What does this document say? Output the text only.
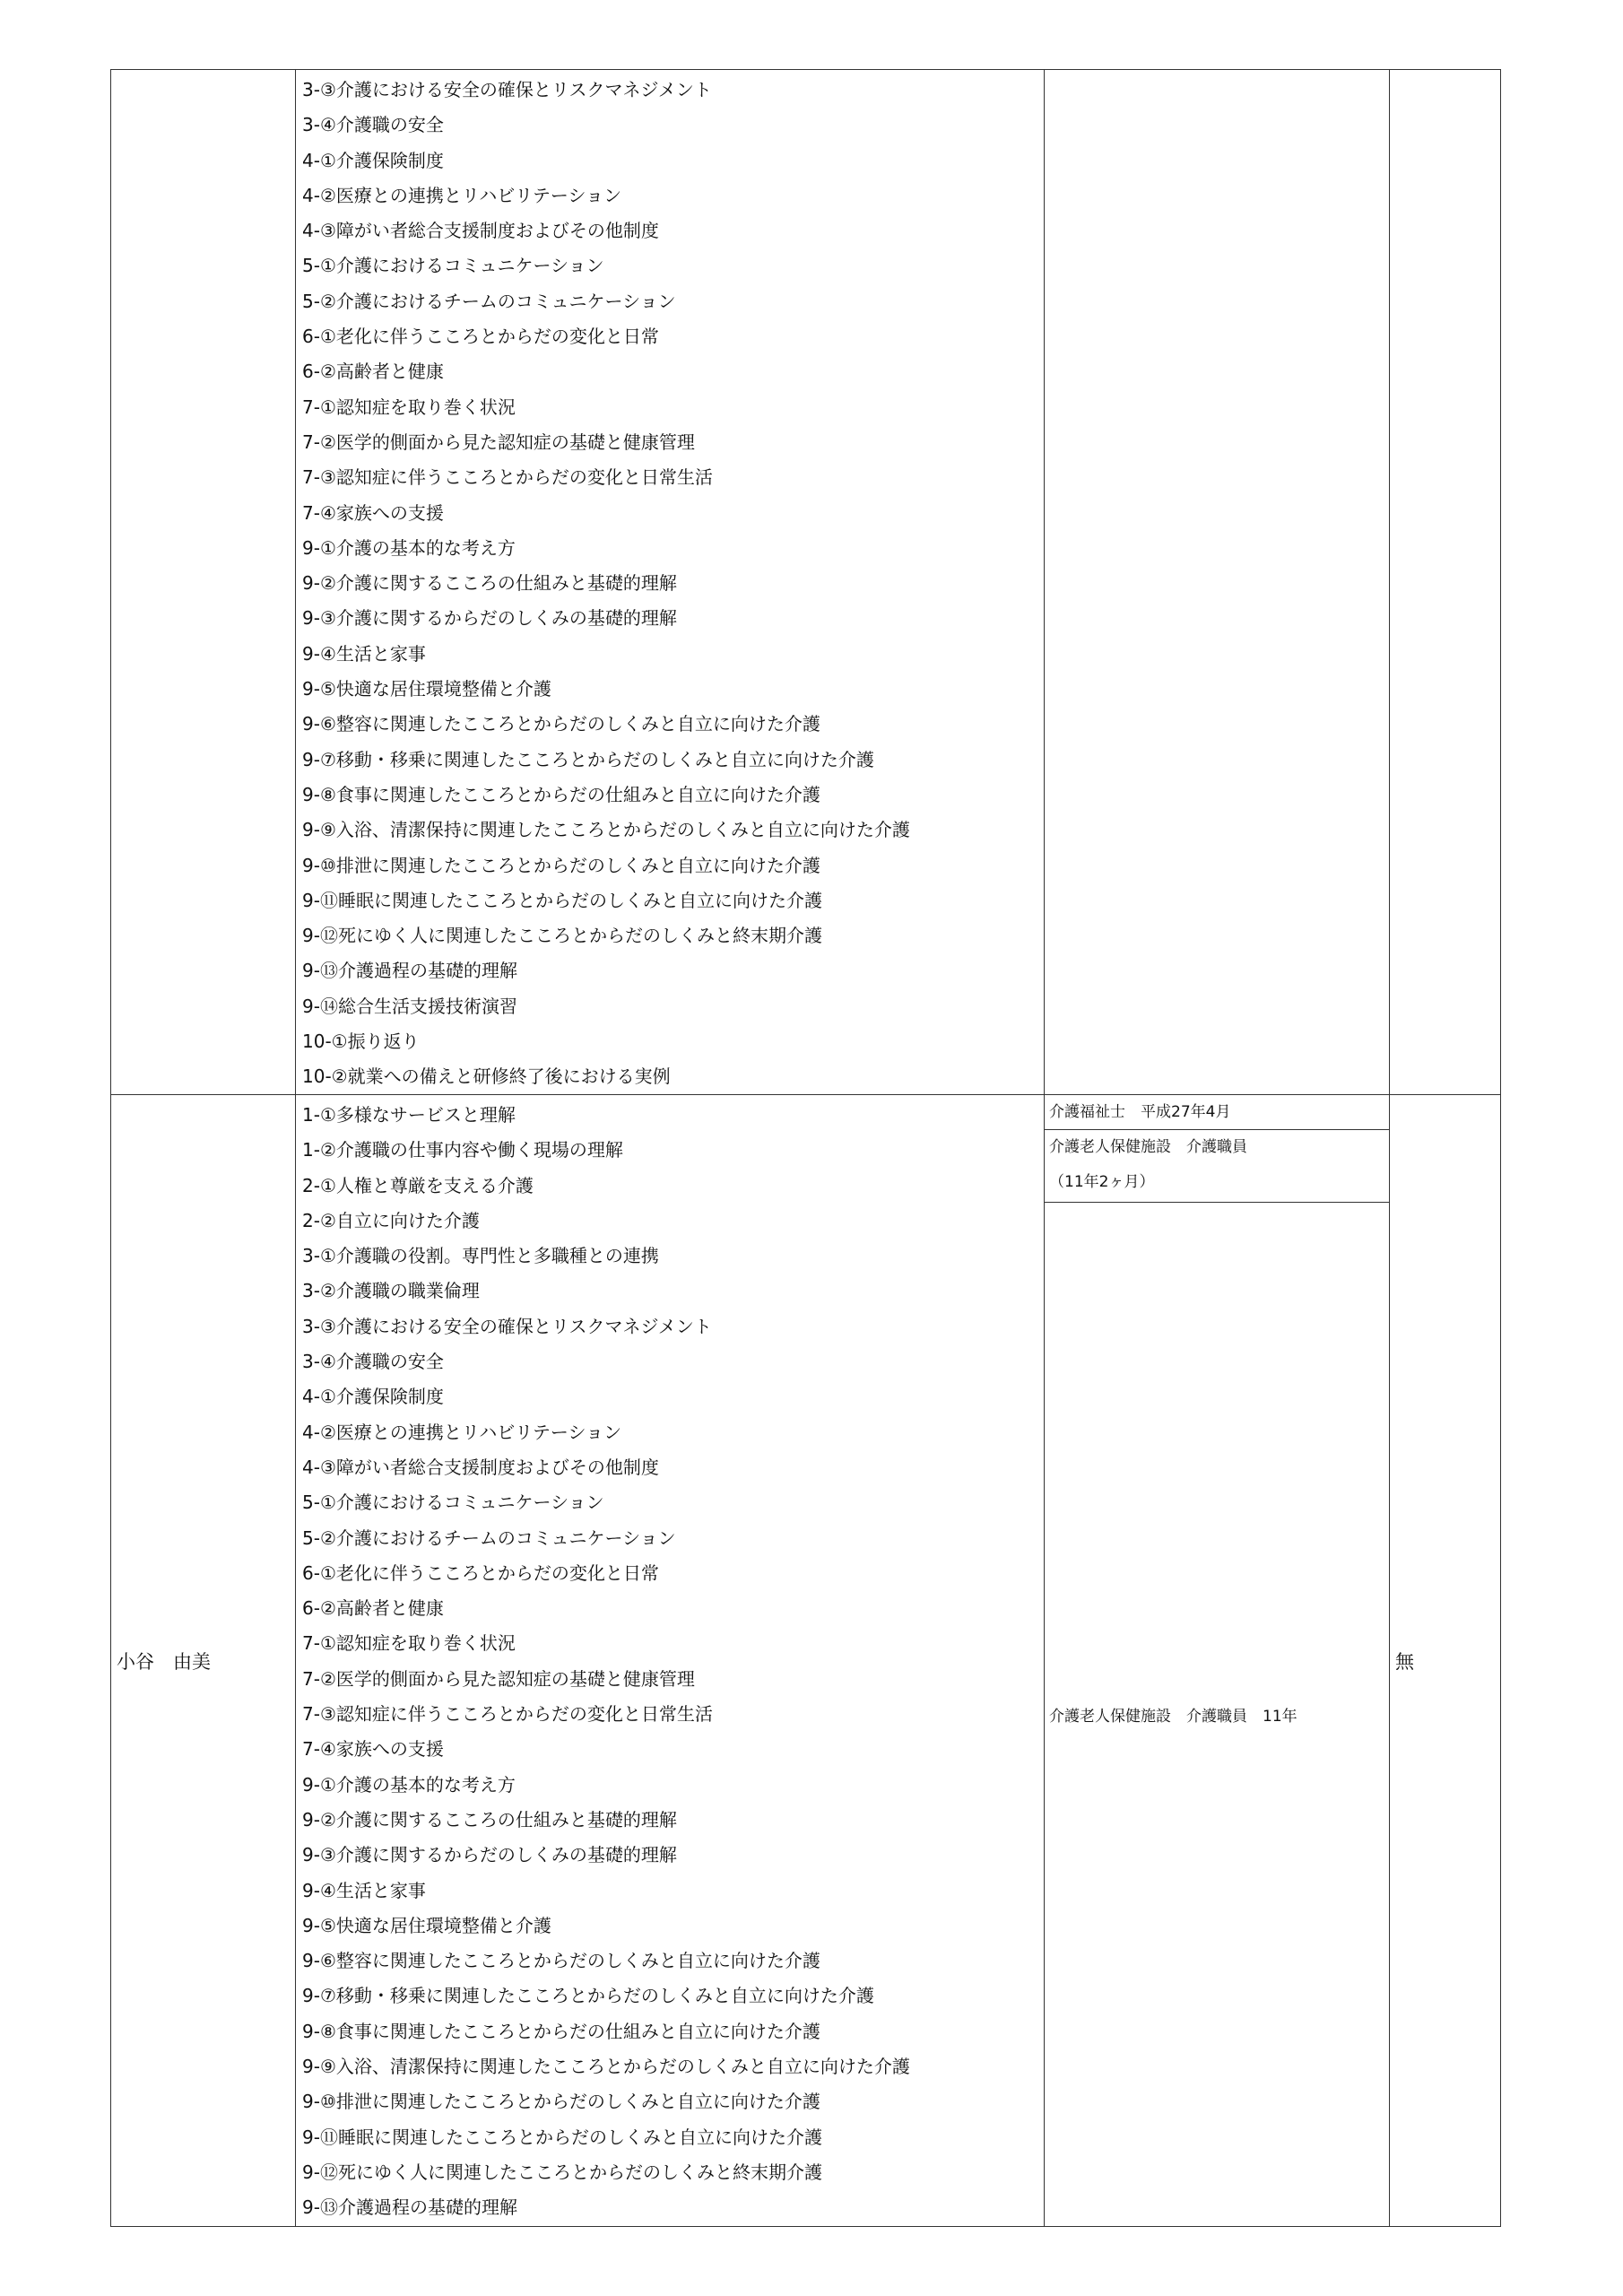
3-③介護における安全の確保とリスクマネジメント
3-④介護職の安全
4-①介護保険制度
4-②医療との連携とリハビリテーション
4-③障がい者総合支援制度およびその他制度
5-①介護におけるコミュニケーション
5-②介護におけるチームのコミュニケーション
6-①老化に伴うこころとからだの変化と日常
6-②高齢者と健康
7-①認知症を取り巻く状況
7-②医学的側面から見た認知症の基礎と健康管理
7-③認知症に伴うこころとからだの変化と日常生活
7-④家族への支援
9-①介護の基本的な考え方
9-②介護に関するこころの仕組みと基礎的理解
9-③介護に関するからだのしくみの基礎的理解
9-④生活と家事
9-⑤快適な居住環境整備と介護
9-⑥整容に関連したこころとからだのしくみと自立に向けた介護
9-⑦移動・移乗に関連したこころとからだのしくみと自立に向けた介護
9-⑧食事に関連したこころとからだの仕組みと自立に向けた介護
9-⑨入浴、清潔保持に関連したこころとからだのしくみと自立に向けた介護
9-⑩排泄に関連したこころとからだのしくみと自立に向けた介護
9-⑪睡眠に関連したこころとからだのしくみと自立に向けた介護
9-⑫死にゆく人に関連したこころとからだのしくみと終末期介護
9-⑬介護過程の基礎的理解
9-⑭総合生活支援技術演習
10-①振り返り
10-②就業への備えと研修終了後における実例
小谷　由美
1-①多様なサービスと理解
1-②介護職の仕事内容や働く現場の理解
2-①人権と尊厳を支える介護
2-②自立に向けた介護
3-①介護職の役割。専門性と多職種との連携
3-②介護職の職業倫理
3-③介護における安全の確保とリスクマネジメント
3-④介護職の安全
4-①介護保険制度
4-②医療との連携とリハビリテーション
4-③障がい者総合支援制度およびその他制度
5-①介護におけるコミュニケーション
5-②介護におけるチームのコミュニケーション
6-①老化に伴うこころとからだの変化と日常
6-②高齢者と健康
7-①認知症を取り巻く状況
7-②医学的側面から見た認知症の基礎と健康管理
7-③認知症に伴うこころとからだの変化と日常生活
7-④家族への支援
9-①介護の基本的な考え方
9-②介護に関するこころの仕組みと基礎的理解
9-③介護に関するからだのしくみの基礎的理解
9-④生活と家事
9-⑤快適な居住環境整備と介護
9-⑥整容に関連したこころとからだのしくみと自立に向けた介護
9-⑦移動・移乗に関連したこころとからだのしくみと自立に向けた介護
9-⑧食事に関連したこころとからだの仕組みと自立に向けた介護
9-⑨入浴、清潔保持に関連したこころとからだのしくみと自立に向けた介護
9-⑩排泄に関連したこころとからだのしくみと自立に向けた介護
9-⑪睡眠に関連したこころとからだのしくみと自立に向けた介護
9-⑫死にゆく人に関連したこころとからだのしくみと終末期介護
9-⑬介護過程の基礎的理解
介護福祉士　平成27年4月
介護老人保健施設　介護職員
（11年2ヶ月）
介護老人保健施設　介護職員　11年
無
